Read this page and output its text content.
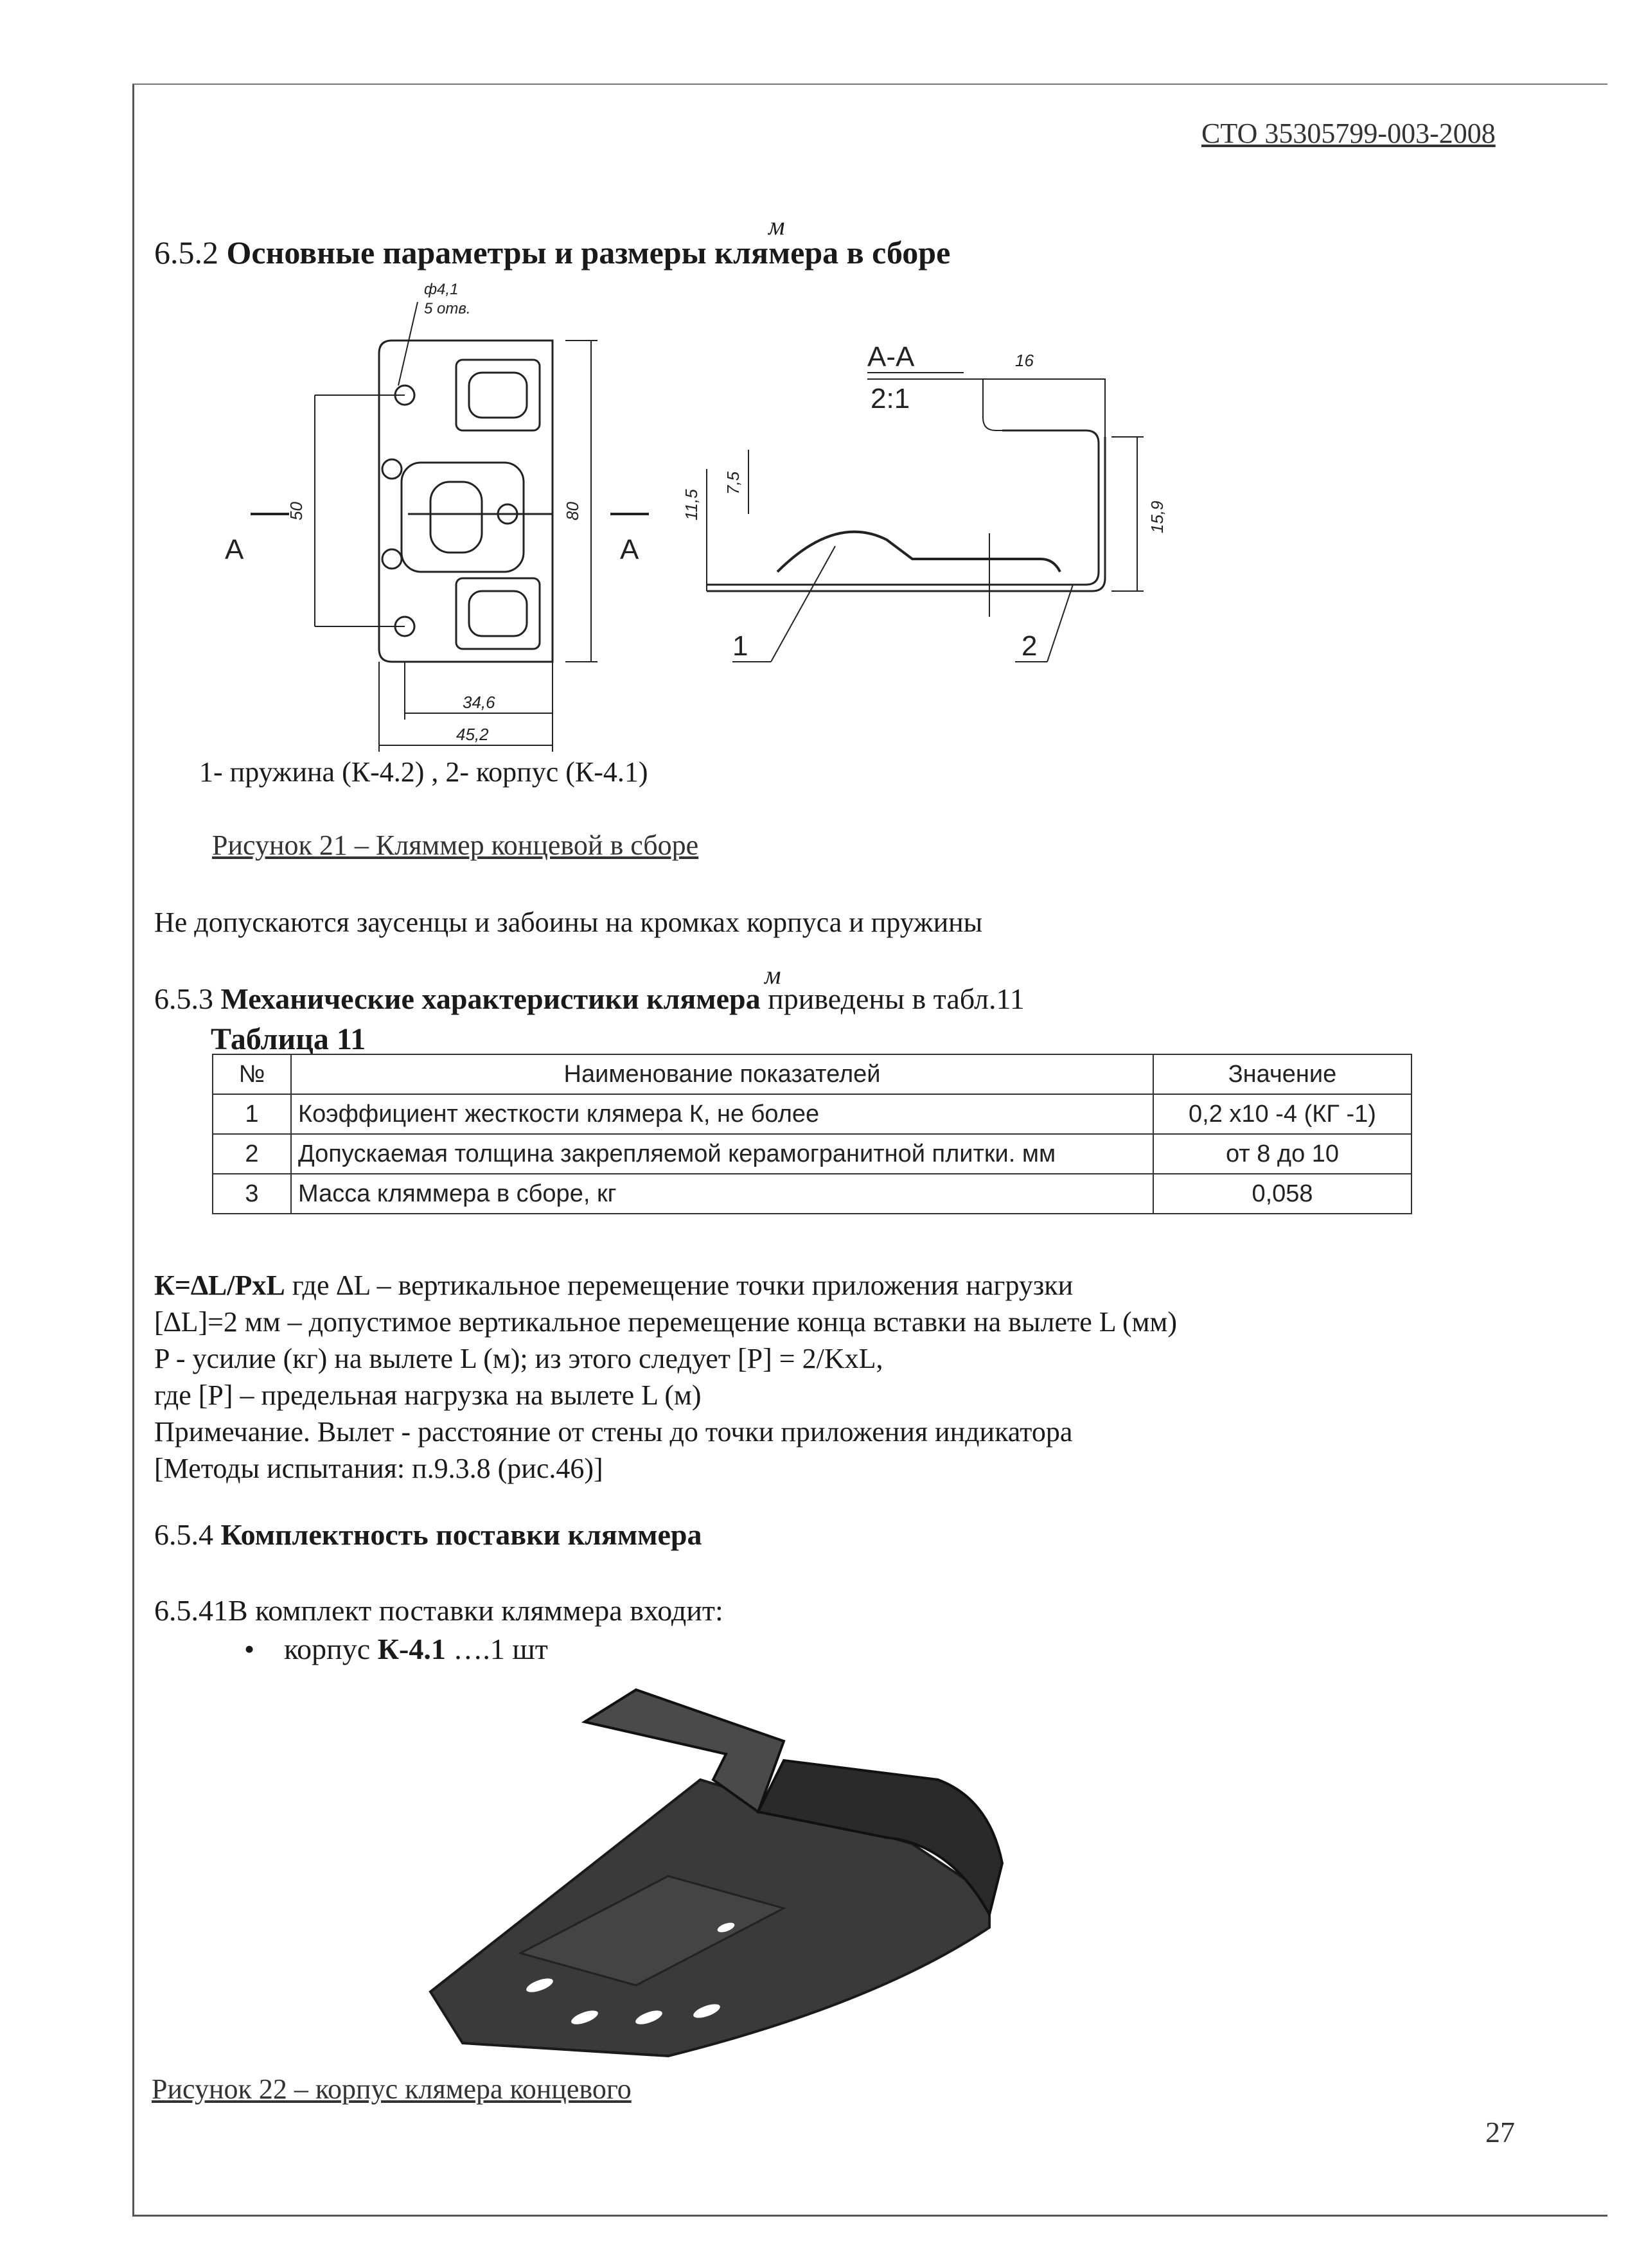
СТО 35305799-003-2008
6.5.2 Основные параметры и размеры клямера в сборе
м
ф4,1
5 отв.
А-А
2:1
А	А
50	80
34,6
45,2
16
11,5
7,5
15,9
1	2
1- пружина (К-4.2) , 2- корпус (К-4.1)
Рисунок 21 – Кляммер концевой в сборе
Не допускаются заусенцы и забоины на кромках корпуса и пружины
6.5.3 Механические характеристики клямера приведены в табл.11
м
Таблица 11
№	Наименование показателей	Значение
1	Коэффициент жесткости клямера К, не более	0,2 х10 -4 (КГ -1)
2	Допускаемая толщина закрепляемой керамогранитной плитки. мм	от 8 до 10
3	Масса кляммера в сборе, кг	0,058
К=∆L/PxL где ∆L – вертикальное перемещение точки приложения нагрузки
[∆L]=2 мм – допустимое вертикальное перемещение конца вставки на вылете L (мм)
P - усилие (кг) на вылете L (м); из этого следует [P] = 2/KxL,
где [P] – предельная нагрузка на вылете L (м)
Примечание. Вылет - расстояние от стены до точки приложения индикатора
[Методы испытания: п.9.3.8 (рис.46)]
6.5.4 Комплектность поставки кляммера
6.5.41В комплект поставки кляммера входит:
•    корпус К-4.1 ….1 шт
Рисунок 22 – корпус клямера концевого
27
